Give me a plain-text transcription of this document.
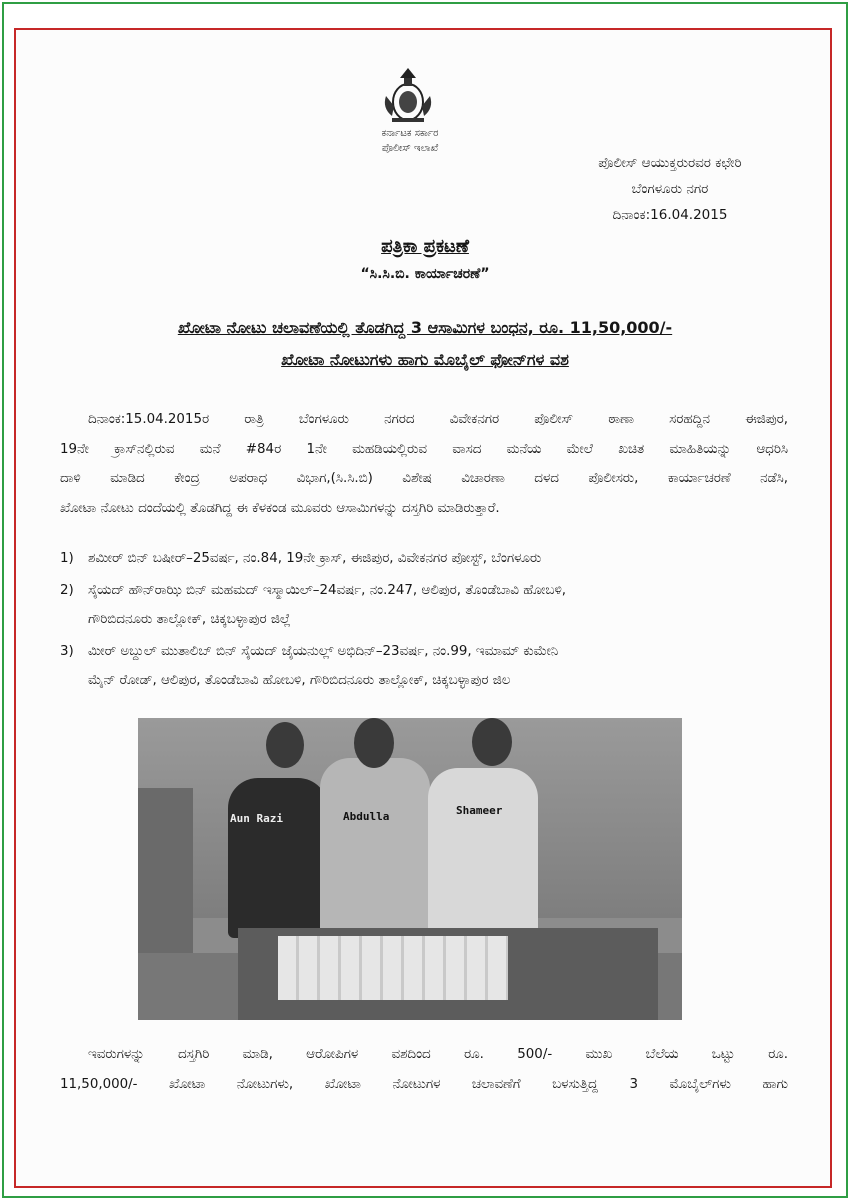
ಕರ್ನಾಟಕ ಸರ್ಕಾರ
ಪೊಲೀಸ್ ಇಲಾಖೆ
ಪೊಲೀಸ್ ಆಯುಕ್ತರುರವರ ಕಛೇರಿ
ಬೆಂಗಳೂರು ನಗರ
ದಿನಾಂಕ:16.04.2015
ಪತ್ರಿಕಾ ಪ್ರಕಟಣೆ
“ಸಿ.ಸಿ.ಬಿ. ಕಾರ್ಯಾಚರಣೆ”
ಖೋಟಾ ನೋಟು ಚಲಾವಣೆಯಲ್ಲಿ ತೊಡಗಿದ್ದ 3 ಆಸಾಮಿಗಳ ಬಂಧನ, ರೂ. 11,50,000/-
ಖೋಟಾ ನೋಟುಗಳು ಹಾಗು ಮೊಬೈಲ್ ಫೋನ್‌ಗಳ ವಶ
ದಿನಾಂಕ:15.04.2015ರ ರಾತ್ರಿ ಬೆಂಗಳೂರು ನಗರದ ವಿವೇಕನಗರ ಪೊಲೀಸ್ ಠಾಣಾ ಸರಹದ್ದಿನ ಈಜಿಪುರ,
19ನೇ ಕ್ರಾಸ್‌ನಲ್ಲಿರುವ ಮನೆ #84ರ 1ನೇ ಮಹಡಿಯಲ್ಲಿರುವ ವಾಸದ ಮನೆಯ ಮೇಲೆ ಖಚಿತ ಮಾಹಿತಿಯನ್ನು ಆಧರಿಸಿ
ದಾಳಿ ಮಾಡಿದ ಕೇಂದ್ರ ಅಪರಾಧ ವಿಭಾಗ,(ಸಿ.ಸಿ.ಬಿ) ವಿಶೇಷ ವಿಚಾರಣಾ ದಳದ ಪೊಲೀಸರು, ಕಾರ್ಯಾಚರಣೆ ನಡೆಸಿ,
ಖೋಟಾ ನೋಟು ದಂದೆಯಲ್ಲಿ ತೊಡಗಿದ್ದ ಈ ಕೆಳಕಂಡ ಮೂವರು ಆಸಾಮಿಗಳನ್ನು ದಸ್ತಗಿರಿ ಮಾಡಿರುತ್ತಾರೆ.
1) ಶಮೀರ್ ಬಿನ್ ಬಷೀರ್–25ವರ್ಷ, ನಂ.84, 19ನೇ ಕ್ರಾಸ್, ಈಜಿಪುರ, ವಿವೇಕನಗರ ಪೋಸ್ಟ್, ಬೆಂಗಳೂರು
2) ಸೈಯದ್ ಹೌನ್‌ರಾಝಿ ಬಿನ್ ಮಹಮದ್ ಇಸ್ಮಾಯಿಲ್–24ವರ್ಷ, ನಂ.247, ಆಲಿಪುರ, ತೊಂಡೆಬಾವಿ ಹೋಬಳಿ,
ಗೌರಿಬಿದನೂರು ತಾಲ್ಲೋಕ್, ಚಿಕ್ಕಬಳ್ಳಾಪುರ ಜಿಲ್ಲೆ
3) ಮೀರ್ ಅಬ್ದುಲ್ ಮುತಾಲಿಬ್ ಬಿನ್ ಸೈಯದ್ ಜೈಯನುಲ್ಲ್ ಅಭಿದಿನ್–23ವರ್ಷ, ನಂ.99, ಇಮಾಮ್ ಕುಮೇನಿ
ಮೈನ್ ರೋಡ್, ಆಲಿಪುರ, ತೊಂಡೆಬಾವಿ ಹೋಬಳಿ, ಗೌರಿಬಿದನೂರು ತಾಲ್ಲೋಕ್, ಚಿಕ್ಕಬಳ್ಳಾಪುರ ಜಿಲ
Aun Razi	Abdulla	Shameer
ಇವರುಗಳನ್ನು ದಸ್ತಗಿರಿ ಮಾಡಿ, ಆರೋಪಿಗಳ ವಶದಿಂದ ರೂ. 500/- ಮುಖ ಬೆಲೆಯ ಒಟ್ಟು ರೂ.
11,50,000/- ಖೋಟಾ ನೋಟುಗಳು, ಖೋಟಾ ನೋಟುಗಳ ಚಲಾವಣೆಗೆ ಬಳಸುತ್ತಿದ್ದ 3 ಮೊಬೈಲ್‌ಗಳು ಹಾಗು
